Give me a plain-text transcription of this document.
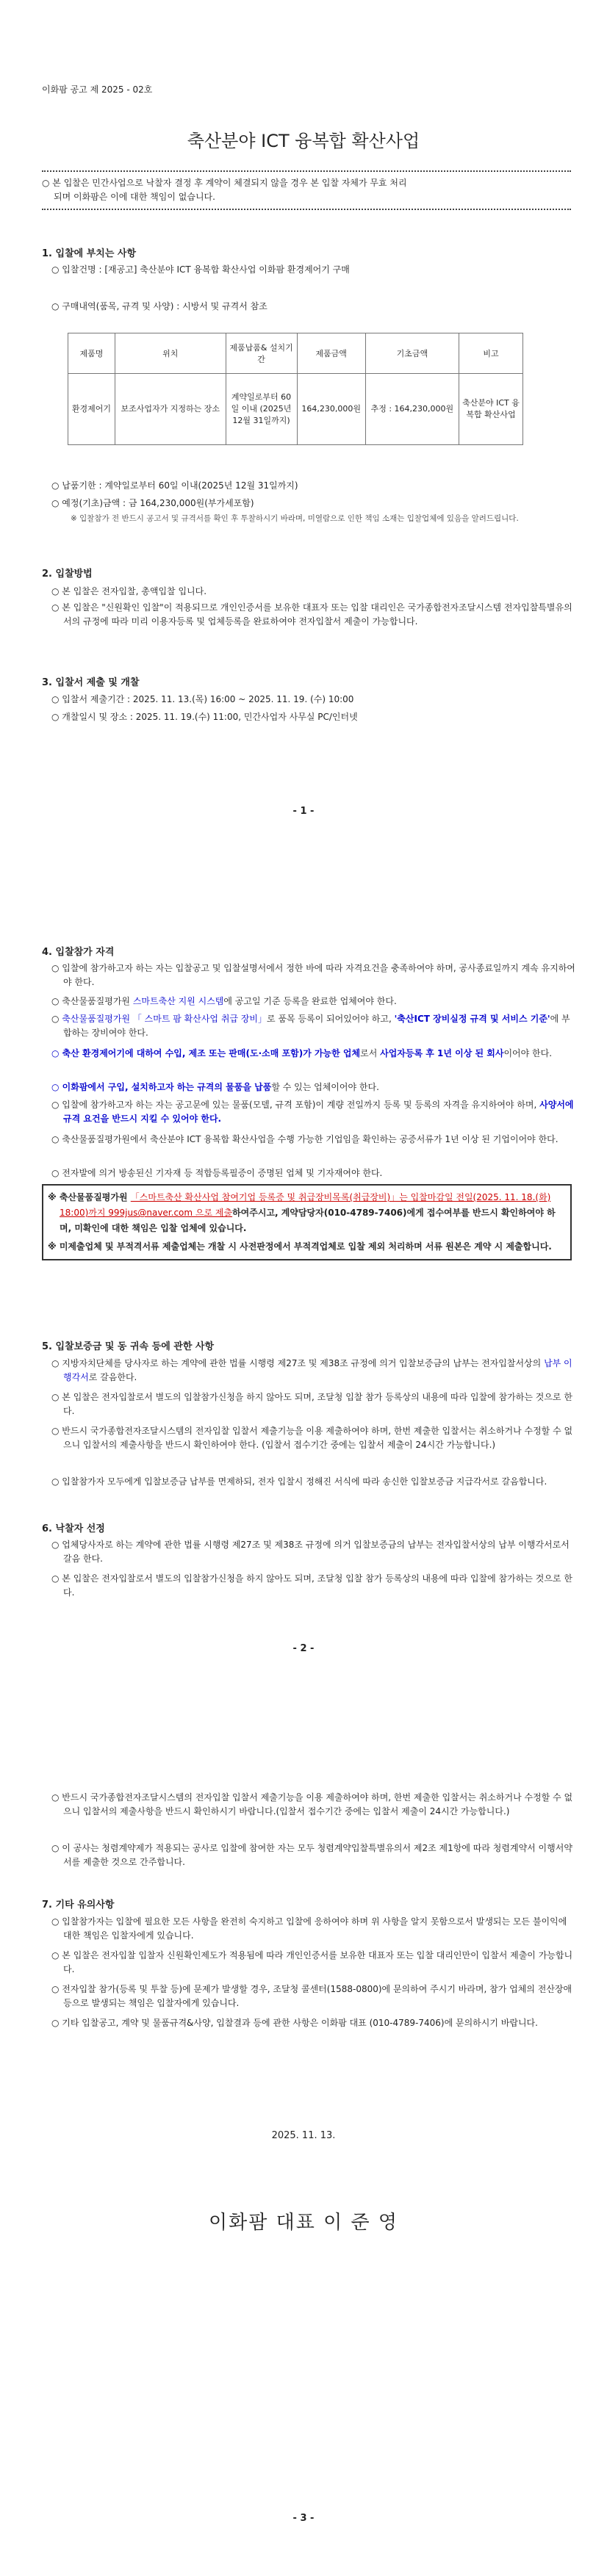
이화팜 공고 제 2025 - 02호
축산분야 ICT 융복합 확산사업
○ 본 입찰은 민간사업으로 낙찰자 결정 후 계약이 체결되지 않을 경우 본 입찰 자체가 무효 처리
되며 이화팜은 이에 대한 책임이 없습니다.
1. 입찰에 부치는 사항
○ 입찰건명 : [재공고] 축산분야 ICT 융복합 확산사업 이화팜 환경제어기 구매
○ 구매내역(품목, 규격 및 사양) : 시방서 및 규격서 참조
제품명	위치	제품납품& 설치기간	제품금액	기초금액	비고
환경제어기	보조사업자가 지정하는 장소	계약일로부터 60일 이내 (2025년 12월 31일까지)	164,230,000원	추정 : 164,230,000원	축산분야 ICT 융복합 확산사업
○ 납품기한 : 계약일로부터 60일 이내(2025년 12월 31일까지)
○ 예정(기초)금액 : 금 164,230,000원(부가세포함)
※ 입찰참가 전 반드시 공고서 및 규격서를 확인 후 투찰하시기 바라며, 미열람으로 인한 책임 소재는 입찰업체에 있음을 알려드립니다.
2. 입찰방법
○ 본 입찰은 전자입찰, 총액입찰 입니다.
○ 본 입찰은 "신원확인 입찰"이 적용되므로 개인인증서를 보유한 대표자 또는 입찰 대리인은 국가종합전자조달시스템 전자입찰특별유의서의 규정에 따라 미리 이용자등록 및 업체등록을 완료하여야 전자입찰서 제출이 가능합니다.
3. 입찰서 제출 및 개찰
○ 입찰서 제출기간 : 2025. 11. 13.(목) 16:00 ~ 2025. 11. 19. (수) 10:00
○ 개찰일시 및 장소 : 2025. 11. 19.(수) 11:00, 민간사업자 사무실 PC/인터넷
- 1 -
4. 입찰참가 자격
○ 입찰에 참가하고자 하는 자는 입찰공고 및 입찰설명서에서 정한 바에 따라 자격요건을 충족하여야 하며, 공사종료일까지 계속 유지하여야 한다.
○ 축산물품질평가원 스마트축산 지원 시스템에 공고일 기준 등록을 완료한 업체여야 한다.
○ 축산물품질평가원 「 스마트 팜 확산사업 취급 장비」로 품목 등록이 되어있어야 하고, '축산ICT 장비실정 규격 및 서비스 기준'에 부합하는 장비여야 한다.
○ 축산 환경제어기에 대하여 수입, 제조 또는 판매(도·소매 포함)가 가능한 업체로서 사업자등록 후 1년 이상 된 회사이어야 한다.
○ 이화팜에서 구입, 설치하고자 하는 규격의 물품을 납품할 수 있는 업체이어야 한다.
○ 입찰에 참가하고자 하는 자는 공고문에 있는 물품(모델, 규격 포함)이 계량 전일까지 등록 및 등록의 자격을 유지하여야 하며, 사양서에 규격 요건을 반드시 지킬 수 있어야 한다.
○ 축산물품질평가원에서 축산분야 ICT 융복합 확산사업을 수행 가능한 기업임을 확인하는 공증서류가 1년 이상 된 기업이어야 한다.
○ 전자발에 의거 방송된신 기자재 등 적합등록필증이 증명된 업체 및 기자재여야 한다.
※ 축산물품질평가원 「스마트축산 확산사업 참여기업 등록증 및 취급장비목록(취급장비)」는 입찰마감일 전일(2025. 11. 18.(화) 18:00)까지 999jus@naver.com 으로 제출하여주시고, 계약담당자(010-4789-7406)에게 접수여부를 반드시 확인하여야 하며, 미확인에 대한 책임은 입찰 업체에 있습니다.
※ 미제출업체 및 부적격서류 제출업체는 개찰 시 사전판정에서 부적격업체로 입찰 제외 처리하며 서류 원본은 계약 시 제출합니다.
5. 입찰보증금 및 동 귀속 등에 관한 사항
○ 지방자치단체를 당사자로 하는 계약에 관한 법률 시행령 제27조 및 제38조 규정에 의거 입찰보증금의 납부는 전자입찰서상의 납부 이행각서로 갈음한다.
○ 본 입찰은 전자입찰로서 별도의 입찰참가신청을 하지 않아도 되며, 조달청 입찰 참가 등록상의 내용에 따라 입찰에 참가하는 것으로 한다.
○ 반드시 국가종합전자조달시스템의 전자입찰 입찰서 제출기능을 이용 제출하여야 하며, 한번 제출한 입찰서는 취소하거나 수정할 수 없으니 입찰서의 제출사항을 반드시 확인하여야 한다. (입찰서 접수기간 중에는 입찰서 제출이 24시간 가능합니다.)
○ 입찰참가자 모두에게 입찰보증금 납부를 면제하되, 전자 입찰시 정해진 서식에 따라 송신한 입찰보증금 지급각서로 갈음합니다.
6. 낙찰자 선정
○ 업체당사자로 하는 계약에 관한 법률 시행령 제27조 및 제38조 규정에 의거 입찰보증금의 납부는 전자입찰서상의 납부 이행각서로서 갈음 한다.
○ 본 입찰은 전자입찰로서 별도의 입찰참가신청을 하지 않아도 되며, 조달청 입찰 참가 등록상의 내용에 따라 입찰에 참가하는 것으로 한다.
- 2 -
○ 반드시 국가종합전자조달시스템의 전자입찰 입찰서 제출기능을 이용 제출하여야 하며, 한번 제출한 입찰서는 취소하거나 수정할 수 없으니 입찰서의 제출사항을 반드시 확인하시기 바랍니다.(입찰서 접수기간 중에는 입찰서 제출이 24시간 가능합니다.)
○ 이 공사는 청렴계약제가 적용되는 공사로 입찰에 참여한 자는 모두 청렴계약입찰특별유의서 제2조 제1항에 따라 청렴계약서 이행서약서를 제출한 것으로 간주합니다.
7. 기타 유의사항
○ 입찰참가자는 입찰에 필요한 모든 사항을 완전히 숙지하고 입찰에 응하여야 하며 위 사항을 알지 못함으로서 발생되는 모든 불이익에 대한 책임은 입찰자에게 있습니다.
○ 본 입찰은 전자입찰 입찰자 신원확인제도가 적용됨에 따라 개인인증서를 보유한 대표자 또는 입찰 대리인만이 입찰서 제출이 가능합니다.
○ 전자입찰 참가(등록 및 투찰 등)에 문제가 발생할 경우, 조달청 콜센터(1588-0800)에 문의하여 주시기 바라며, 참가 업체의 전산장애 등으로 발생되는 책임은 입찰자에게 있습니다.
○ 기타 입찰공고, 계약 및 물품규격&사양, 입찰결과 등에 관한 사항은 이화팜 대표 (010-4789-7406)에 문의하시기 바랍니다.
2025. 11. 13.
이화팜 대표 이 준 영
- 3 -
